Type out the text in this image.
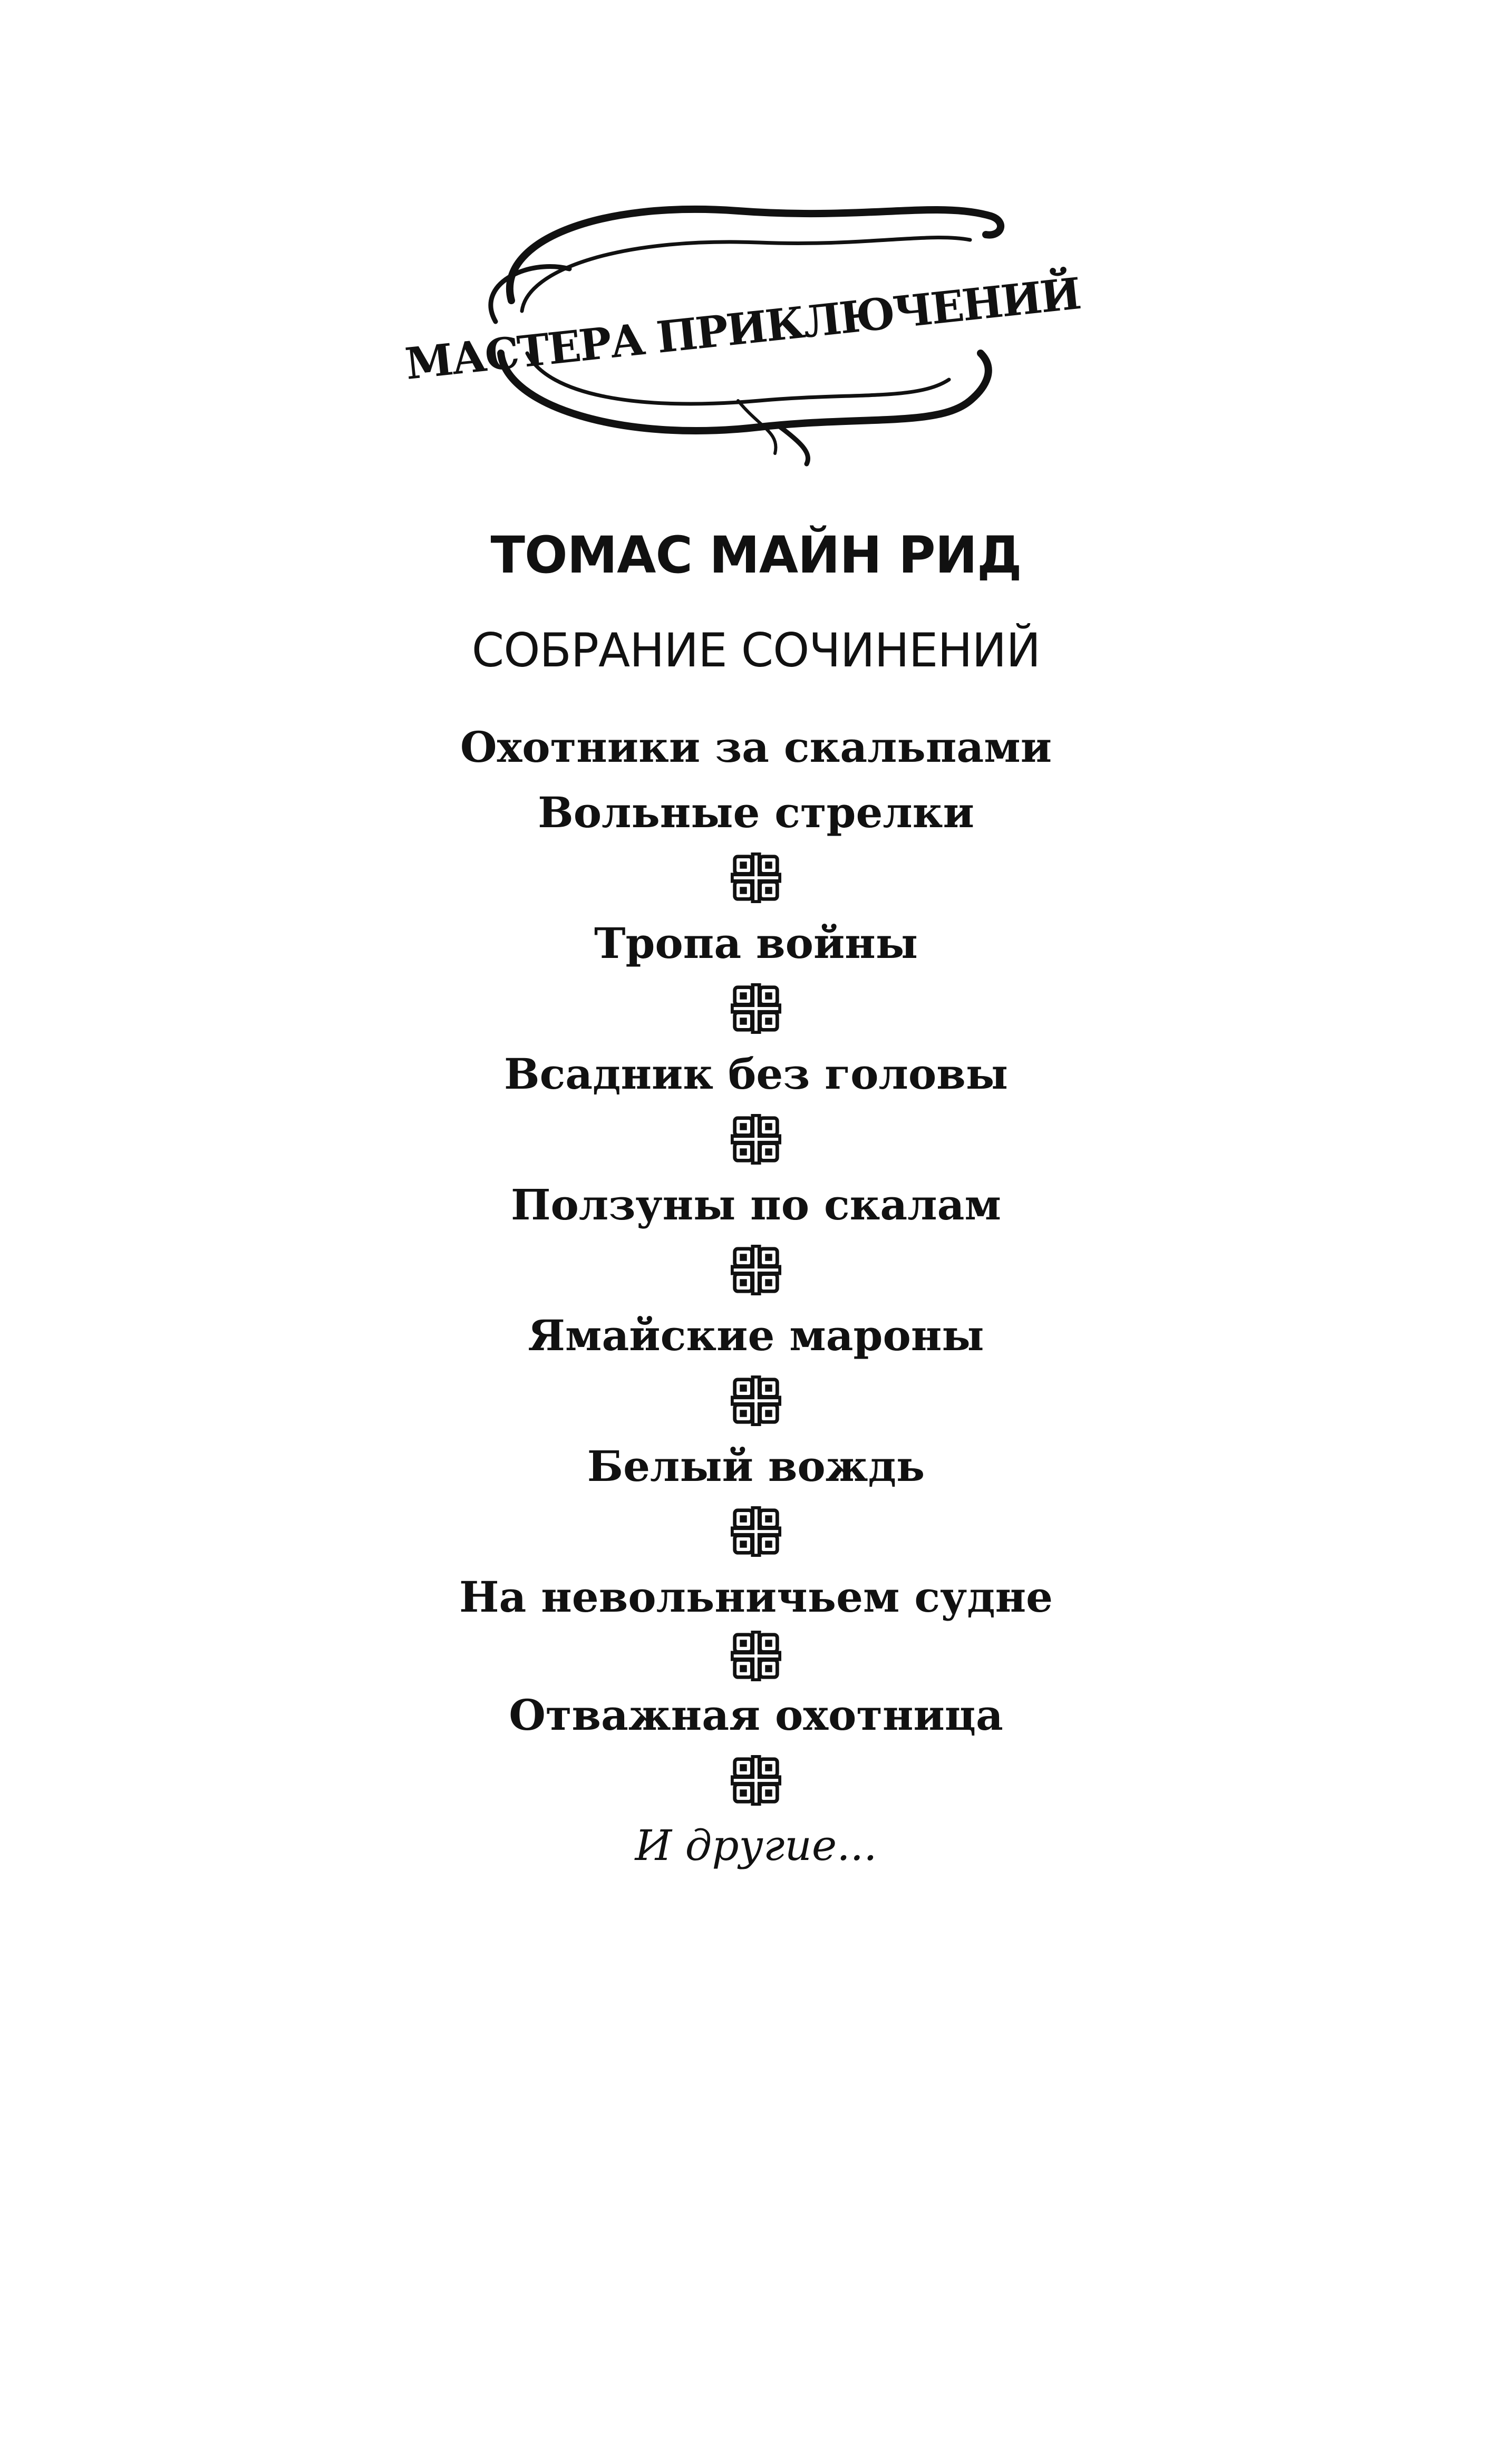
МАСТЕРА ПРИКЛЮЧЕНИЙ
ТОМАС МАЙН РИД
СОБРАНИЕ СОЧИНЕНИЙ
Охотники за скальпами
Вольные стрелки
Тропа войны
Всадник без головы
Ползуны по скалам
Ямайские мароны
Белый вождь
На невольничьем судне
Отважная охотница
И другие...
